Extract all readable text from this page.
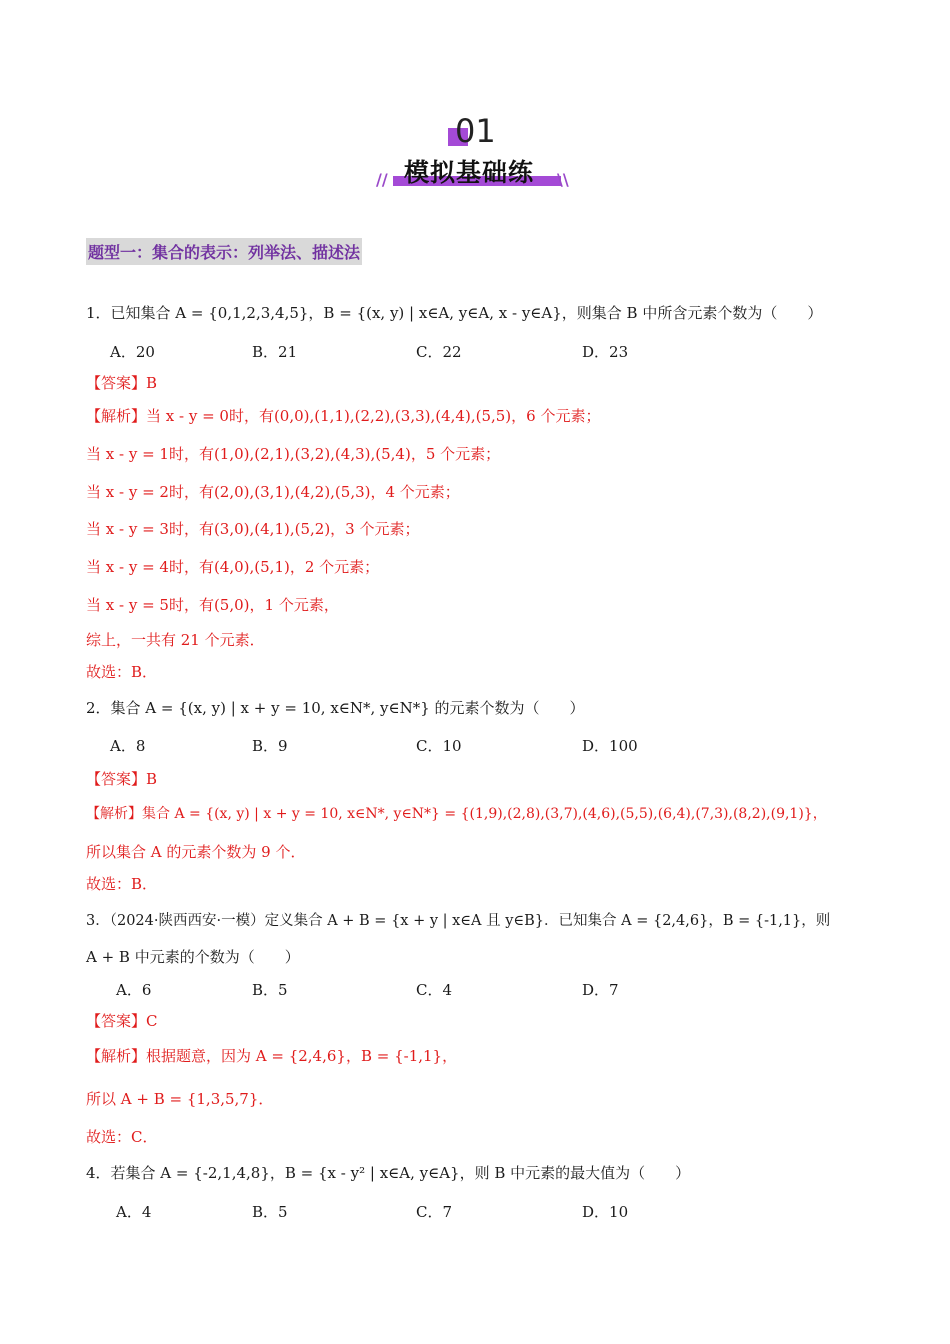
01
模拟基础练
//	\\
题型一：集合的表示：列举法、描述法
1．已知集合 A = {0,1,2,3,4,5}，B = {(x, y) | x∈A, y∈A, x - y∈A}，则集合 B 中所含元素个数为（　　）
A．20	B．21	C．22	D．23
【答案】B
【解析】当 x - y = 0时，有(0,0),(1,1),(2,2),(3,3),(4,4),(5,5)，6 个元素；
当 x - y = 1时，有(1,0),(2,1),(3,2),(4,3),(5,4)，5 个元素；
当 x - y = 2时，有(2,0),(3,1),(4,2),(5,3)，4 个元素；
当 x - y = 3时，有(3,0),(4,1),(5,2)，3 个元素；
当 x - y = 4时，有(4,0),(5,1)，2 个元素；
当 x - y = 5时，有(5,0)，1 个元素，
综上，一共有 21 个元素．
故选：B．
2．集合 A = {(x, y) | x + y = 10, x∈N*, y∈N*} 的元素个数为（　　）
A．8	B．9	C．10	D．100
【答案】B
【解析】集合 A = {(x, y) | x + y = 10, x∈N*, y∈N*} = {(1,9),(2,8),(3,7),(4,6),(5,5),(6,4),(7,3),(8,2),(9,1)}，
所以集合 A 的元素个数为 9 个．
故选：B．
3．（2024·陕西西安·一模）定义集合 A + B = {x + y | x∈A 且 y∈B}．已知集合 A = {2,4,6}，B = {-1,1}，则
A + B 中元素的个数为（　　）
A．6	B．5	C．4	D．7
【答案】C
【解析】根据题意，因为 A = {2,4,6}，B = {-1,1}，
所以 A + B = {1,3,5,7}．
故选：C．
4．若集合 A = {-2,1,4,8}，B = {x - y² | x∈A, y∈A}，则 B 中元素的最大值为（　　）
A．4	B．5	C．7	D．10
